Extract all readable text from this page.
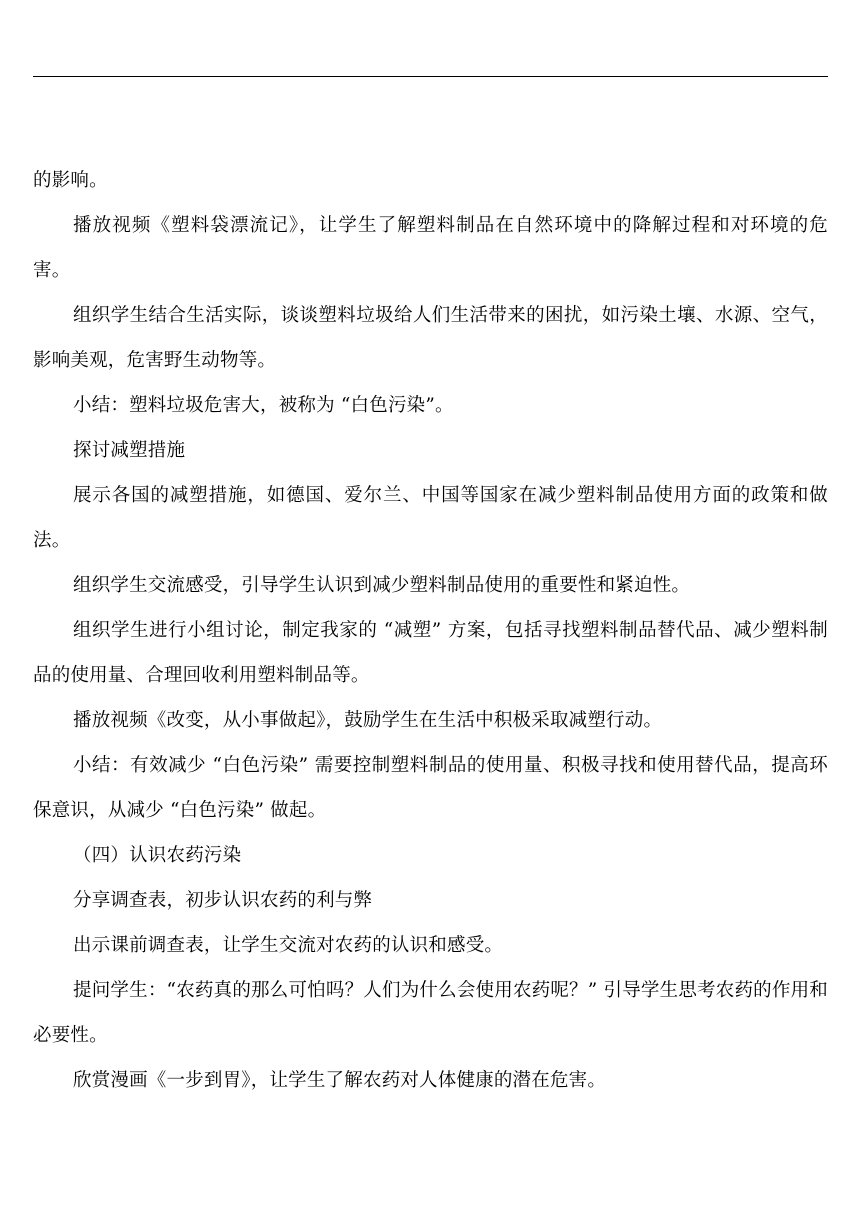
的影响。

播放视频《塑料袋漂流记》，让学生了解塑料制品在自然环境中的降解过程和对环境的危害。

组织学生结合生活实际，谈谈塑料垃圾给人们生活带来的困扰，如污染土壤、水源、空气，影响美观，危害野生动物等。

小结：塑料垃圾危害大，被称为 “白色污染”。

探讨减塑措施

展示各国的减塑措施，如德国、爱尔兰、中国等国家在减少塑料制品使用方面的政策和做法。

组织学生交流感受，引导学生认识到减少塑料制品使用的重要性和紧迫性。

组织学生进行小组讨论，制定我家的 “减塑” 方案，包括寻找塑料制品替代品、减少塑料制品的使用量、合理回收利用塑料制品等。

播放视频《改变，从小事做起》，鼓励学生在生活中积极采取减塑行动。

小结：有效减少 “白色污染” 需要控制塑料制品的使用量、积极寻找和使用替代品，提高环保意识，从减少 “白色污染” 做起。

（四）认识农药污染

分享调查表，初步认识农药的利与弊

出示课前调查表，让学生交流对农药的认识和感受。

提问学生：“农药真的那么可怕吗？人们为什么会使用农药呢？” 引导学生思考农药的作用和必要性。

欣赏漫画《一步到胃》，让学生了解农药对人体健康的潜在危害。
